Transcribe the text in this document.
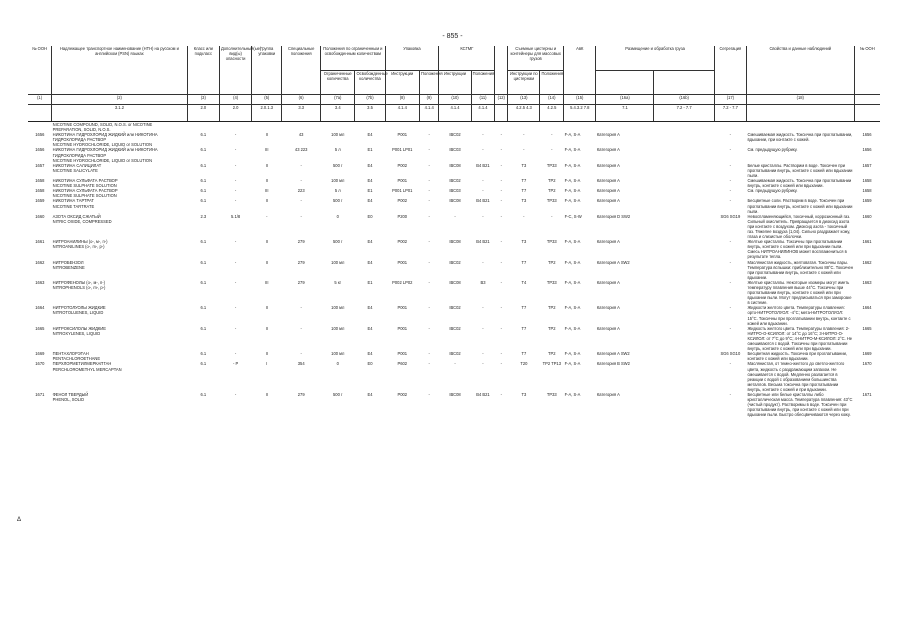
- 855 -
Δ
№ ООН	Надлежащее транспортное наименование (НТН) на русском и английском (PSN) языках	Класс или подкласс	Дополнительный(ые) вид(ы) опасности	Группа упаковки	Специальные положения	Положения по ограниченным и освобожденным количествам		Упаковка		КСГМГ			Съемные цистерны и контейнеры для массовых грузов		АвК	Размещение и обработка груза		Сегрегация	Свойства и данные наблюдений	№ ООН
						Ограниченные количества	Освобожденные количества	Инструкции	Положения	Инструкции	Положения		Инструкции по цистернам	Положения						
(1)	(2)	(3)	(4)	(5)	(6)	(7a)	(7b)	(8)	(9)	(10)	(11)	(12)	(13)	(14)	(15)	(16a)	(16b)	(17)	(18)	
	3.1.2	2.0	2.0	2.0.1.3	3.3	3.4	3.5	4.1.4	4.1.4	4.1.4	4.1.4		4.2.5 4.3	4.2.5	5.4.3.2 7.8	7.1	7.2 - 7.7	7.2 - 7.7		

	NICOTINE COMPOUND, SOLID, N.O.S. or NICOTINE
PREPARATION, SOLID, N.O.S.																			

1656	НИКОТИНА ГИДРОХЛОРИД ЖИДКИЙ или НИКОТИНА ГИДРОХЛОРИДА РАСТВОР
NICOTINE HYDROCHLORIDE, LIQUID or SOLUTION	6.1	-	II	43	100 мл	E4	P001	-	IBC02	-	-	-	-	F-A, S-A	Категория A		-	Смешиваемая жидкость. Токсична при проглатывании, вдыхании, при контакте с кожей.	1656
1656	НИКОТИНА ГИДРОХЛОРИД ЖИДКИЙ или НИКОТИНА ГИДРОХЛОРИДА РАСТВОР
NICOTINE HYDROCHLORIDE, LIQUID or SOLUTION	6.1	-	III	43 223	5 л	E1	P001 LP01	-	IBC03	-	-	-	-	F-A, S-A	Категория A		-	См. предыдущую рубрику.	1656
1657	НИКОТИНА САЛИЦИЛАТ
NICOTINE SALICYLATE	6.1	-	II	-	500 г	E4	P002	-	IBC08	B4 B21	-	T3	TP33	F-A, S-A	Категория A		-	Белые кристаллы. Растворим в воде. Токсичен при проглатывании внутрь, контакте с кожей или вдыхании пыли.	1657
1658	НИКОТИНА СУЛЬФАТА РАСТВОР
NICOTINE SULPHATE SOLUTION	6.1	-	II	-	100 мл	E4	P001	-	IBC02	-	-	T7	TP2	F-A, S-A	Категория A		-	Смешиваемая жидкость. Токсична при проглатывании внутрь, контакте с кожей или вдыхании.	1658
1658	НИКОТИНА СУЛЬФАТА РАСТВОР
NICOTINE SULPHATE SOLUTION	6.1	-	III	223	5 л	E1	P001 LP01	-	IBC03	-	-	T7	TP2	F-A, S-A	Категория A		-	См. предыдущую рубрику.	1658
1659	НИКОТИНА ТАРТРАТ
NICOTINE TARTRATE	6.1	-	II	-	500 г	E4	P002	-	IBC08	B4 B21	-	T3	TP33	F-A, S-A	Категория A		-	Бесцветные соли. Растворим в воде. Токсичен при проглатывании внутрь, контакте с кожей или вдыхании пыли.	1659
1660	АЗОТА ОКСИД СЖАТЫЙ
NITRIC OXIDE, COMPRESSED	2.3	5.1/8	-	-	0	E0	P200	-	-	-	-	-	-	F-C, S-W	Категория D SW2		SG6 SG19	Невоспламеняющийся, токсичный, коррозионный газ. Сильный окислитель. Превращается в диоксид азота при контакте с воздухом. Диоксид азота - токсичный газ. Тяжелее воздуха (1,04). Сильно раздражает кожу, глаза и слизистые оболочки.	1660
1661	НИТРОАНИЛИНЫ (о-, м-, п-)
NITROANILINES (o-, m-, p-)	6.1	-	II	279	500 г	E4	P002	-	IBC08	B4 B21	-	T3	TP33	F-A, S-A	Категория A		-	Желтые кристаллы. Токсичны при проглатывании внутрь, контакте с кожей или при вдыхании пыли. Смесь НИТРОАНИЛИНОВ может воспламениться в результате тепла.	1661
1662	НИТРОБЕНЗОЛ
NITROBENZENE	6.1	-	II	279	100 мл	E4	P001	-	IBC02	-	-	T7	TP2	F-A, S-A	Категория A SW2		-	Маслянистая жидкость, желтоватая. Токсичны пары. Температура вспышки: приблизительно 88°C. Токсичен при проглатывании внутрь, контакте с кожей или вдыхании.	1662
1663	НИТРОФЕНОЛЫ (о-, м-, п-)
NITROPHENOLS (o-, m-, p-)	6.1	-	III	279	5 кг	E1	P002 LP02	-	IBC08	B3	-	T4	TP33	F-A, S-A	Категория A		-	Желтые кристаллы. Некоторые изомеры могут иметь температуру плавления выше 44°C. Токсичны при проглатывании внутрь, контакте с кожей или при вдыхании пыли. Могут предписываться при заморозке в системе.	1663
1664	НИТРОТОЛУОЛЫ ЖИДКИЕ
NITROTOLUENES, LIQUID	6.1	-	II	-	100 мл	E4	P001	-	IBC02	-	-	T7	TP2	F-A, S-A	Категория A		-	Жидкости желтого цвета. Температуры плавления: орто-НИТРОТОЛУОЛ: -4°C; мета-НИТРОТОЛУОЛ: 15°C. Токсичны при проглатывании внутрь, контакте с кожей или вдыхании.	1664
1665	НИТРОКСИЛОЛЫ ЖИДКИЕ
NITROXYLENES, LIQUID	6.1	-	II	-	100 мл	E4	P001	-	IBC02	-	-	T7	TP2	F-A, S-A	Категория A		-	Жидкость желтого цвета. Температуры плавления: 2-НИТРО-О-КСИЛОЛ: от 14°C до 16°C; 3-НИТРО-О-КСИЛОЛ: от 7°C до 9°C; 4-НИТРО-М-КСИЛОЛ: 2°C. Не смешиваются с водой. Токсичны при проглатывании внутрь, контакте с кожей или при вдыхании.	1665
1669	ПЕНТАХЛОРЭТАН
PENTACHLOROETHANE	6.1	-	II	-	100 мл	E4	P001	-	IBC02	-	-	T7	TP2	F-A, S-A	Категория A SW2		SG6 SG10	Бесцветная жидкость. Токсична при проглатывании, контакте с кожей или вдыхании.	1669
1670	ПЕРХЛОРМЕТИЛМЕРКАПТАН
PERCHLOROMETHYL MERCAPTAN	6.1	- P	I	354	0	E0	P602	-	-	-	-	T20	TP2 TP13	F-A, S-A	Категория B SW2		-	Маслянистая, от темно-желтого до светло-желтого цвета, жидкость с раздражающим запахом. Не смешивается с водой. Медленно разлагается в реакции с водой с образованием большинства металлов. Весьма токсична при проглатывании внутрь, контакте с кожей и при вдыхании.	1670
1671	ФЕНОЛ ТВЕРДЫЙ
PHENOL, SOLID	6.1	-	II	279	500 г	E4	P002	-	IBC08	B4 B21	-	T3	TP33	F-A, S-A	Категория A		-	Бесцветные или белые кристаллы либо кристаллическая масса. Температура плавления: 43°C (чистый продукт). Растворимы в воде. Токсичен при проглатывании внутрь, при контакте с кожей или при вдыхании пыли. Быстро обесцвечиваются через кожу.	1671
